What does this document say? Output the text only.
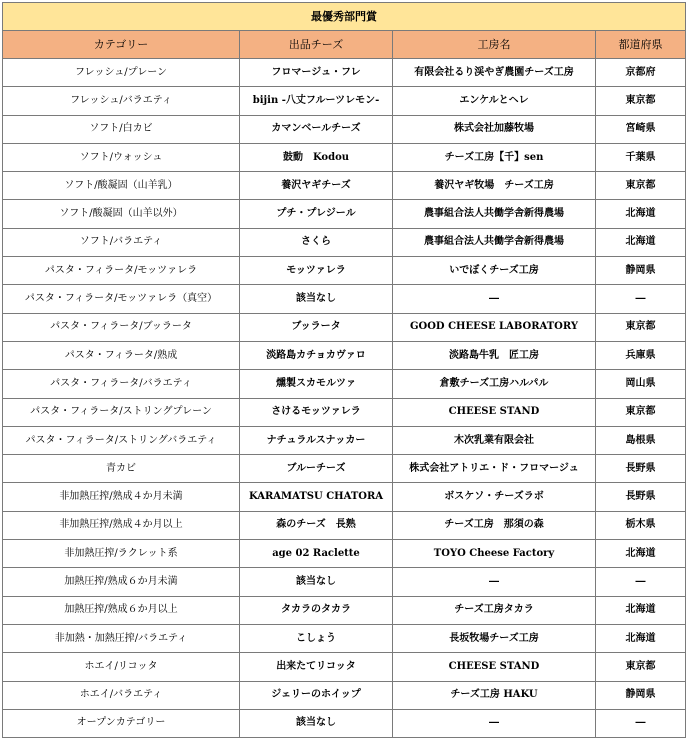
最優秀部門賞			
カテゴリー	出品チーズ	工房名	都道府県
フレッシュ/プレーン	フロマージュ・フレ	有限会社るり渓やぎ農園チーズ工房	京都府
フレッシュ/バラエティ	bijin -八丈フルーツレモン-	エンケルとヘレ	東京都
ソフト/白カビ	カマンベールチーズ	株式会社加藤牧場	宮崎県
ソフト/ウォッシュ	鼓動　Kodou	チーズ工房【千】sen	千葉県
ソフト/酸凝固（山羊乳）	養沢ヤギチーズ	養沢ヤギ牧場　チーズ工房	東京都
ソフト/酸凝固（山羊以外）	プチ・プレジール	農事組合法人共働学舎新得農場	北海道
ソフト/バラエティ	さくら	農事組合法人共働学舎新得農場	北海道
パスタ・フィラータ/モッツァレラ	モッツァレラ	いでぼくチーズ工房	静岡県
パスタ・フィラータ/モッツァレラ（真空）	該当なし	―	―
パスタ・フィラータ/ブッラータ	ブッラータ	GOOD CHEESE LABORATORY	東京都
パスタ・フィラータ/熟成	淡路島カチョカヴァロ	淡路島牛乳　匠工房	兵庫県
パスタ・フィラータ/バラエティ	燻製スカモルツァ	倉敷チーズ工房ハルパル	岡山県
パスタ・フィラータ/ストリングプレーン	さけるモッツァレラ	CHEESE STAND	東京都
パスタ・フィラータ/ストリングバラエティ	ナチュラルスナッカー	木次乳業有限会社	島根県
青カビ	ブルーチーズ	株式会社アトリエ・ド・フロマージュ	長野県
非加熱圧搾/熟成４か月未満	KARAMATSU CHATORA	ボスケソ・チーズラボ	長野県
非加熱圧搾/熟成４か月以上	森のチーズ　長熟	チーズ工房　那須の森	栃木県
非加熱圧搾/ラクレット系	age 02 Raclette	TOYO Cheese Factory	北海道
加熱圧搾/熟成６か月未満	該当なし	―	―
加熱圧搾/熟成６か月以上	タカラのタカラ	チーズ工房タカラ	北海道
非加熱・加熱圧搾/バラエティ	こしょう	長坂牧場チーズ工房	北海道
ホエイ/リコッタ	出来たてリコッタ	CHEESE STAND	東京都
ホエイ/バラエティ	ジェリーのホイップ	チーズ工房 HAKU	静岡県
オープンカテゴリー	該当なし	―	―
